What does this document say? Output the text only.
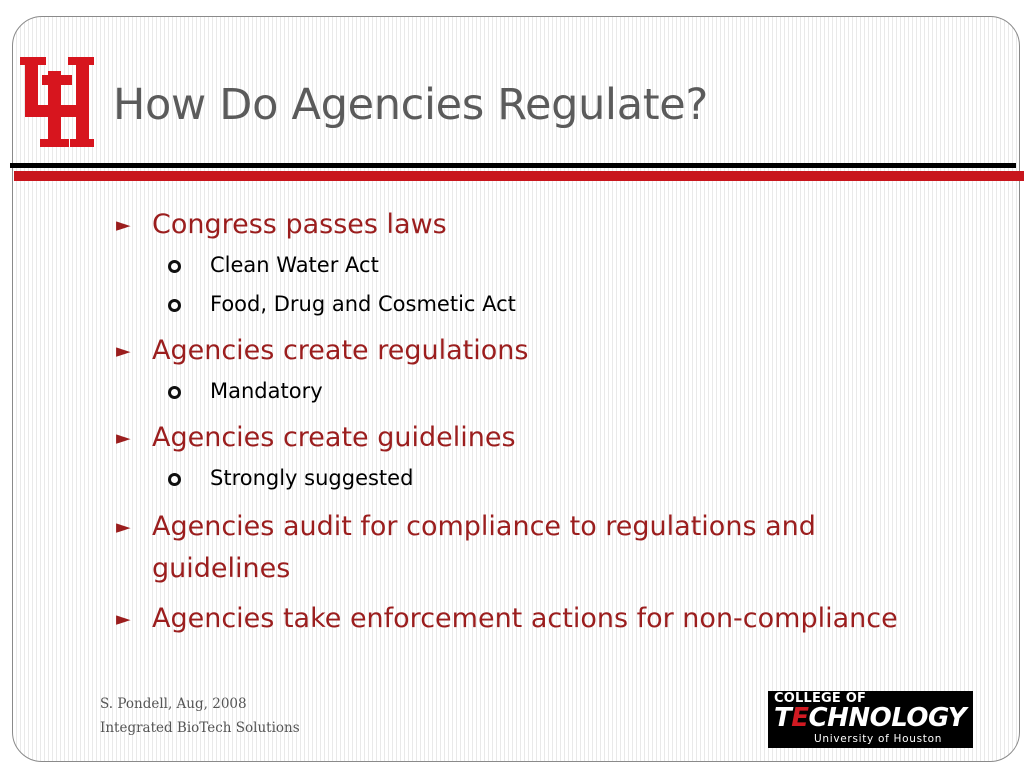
How Do Agencies Regulate?
► Congress passes laws
Clean Water Act
Food, Drug and Cosmetic Act
► Agencies create regulations
Mandatory
► Agencies create guidelines
Strongly suggested
► Agencies audit for compliance to regulations and guidelines
► Agencies take enforcement actions for non-compliance
S. Pondell, Aug, 2008
Integrated BioTech Solutions
COLLEGE OF
TECHNOLOGY
University of Houston
